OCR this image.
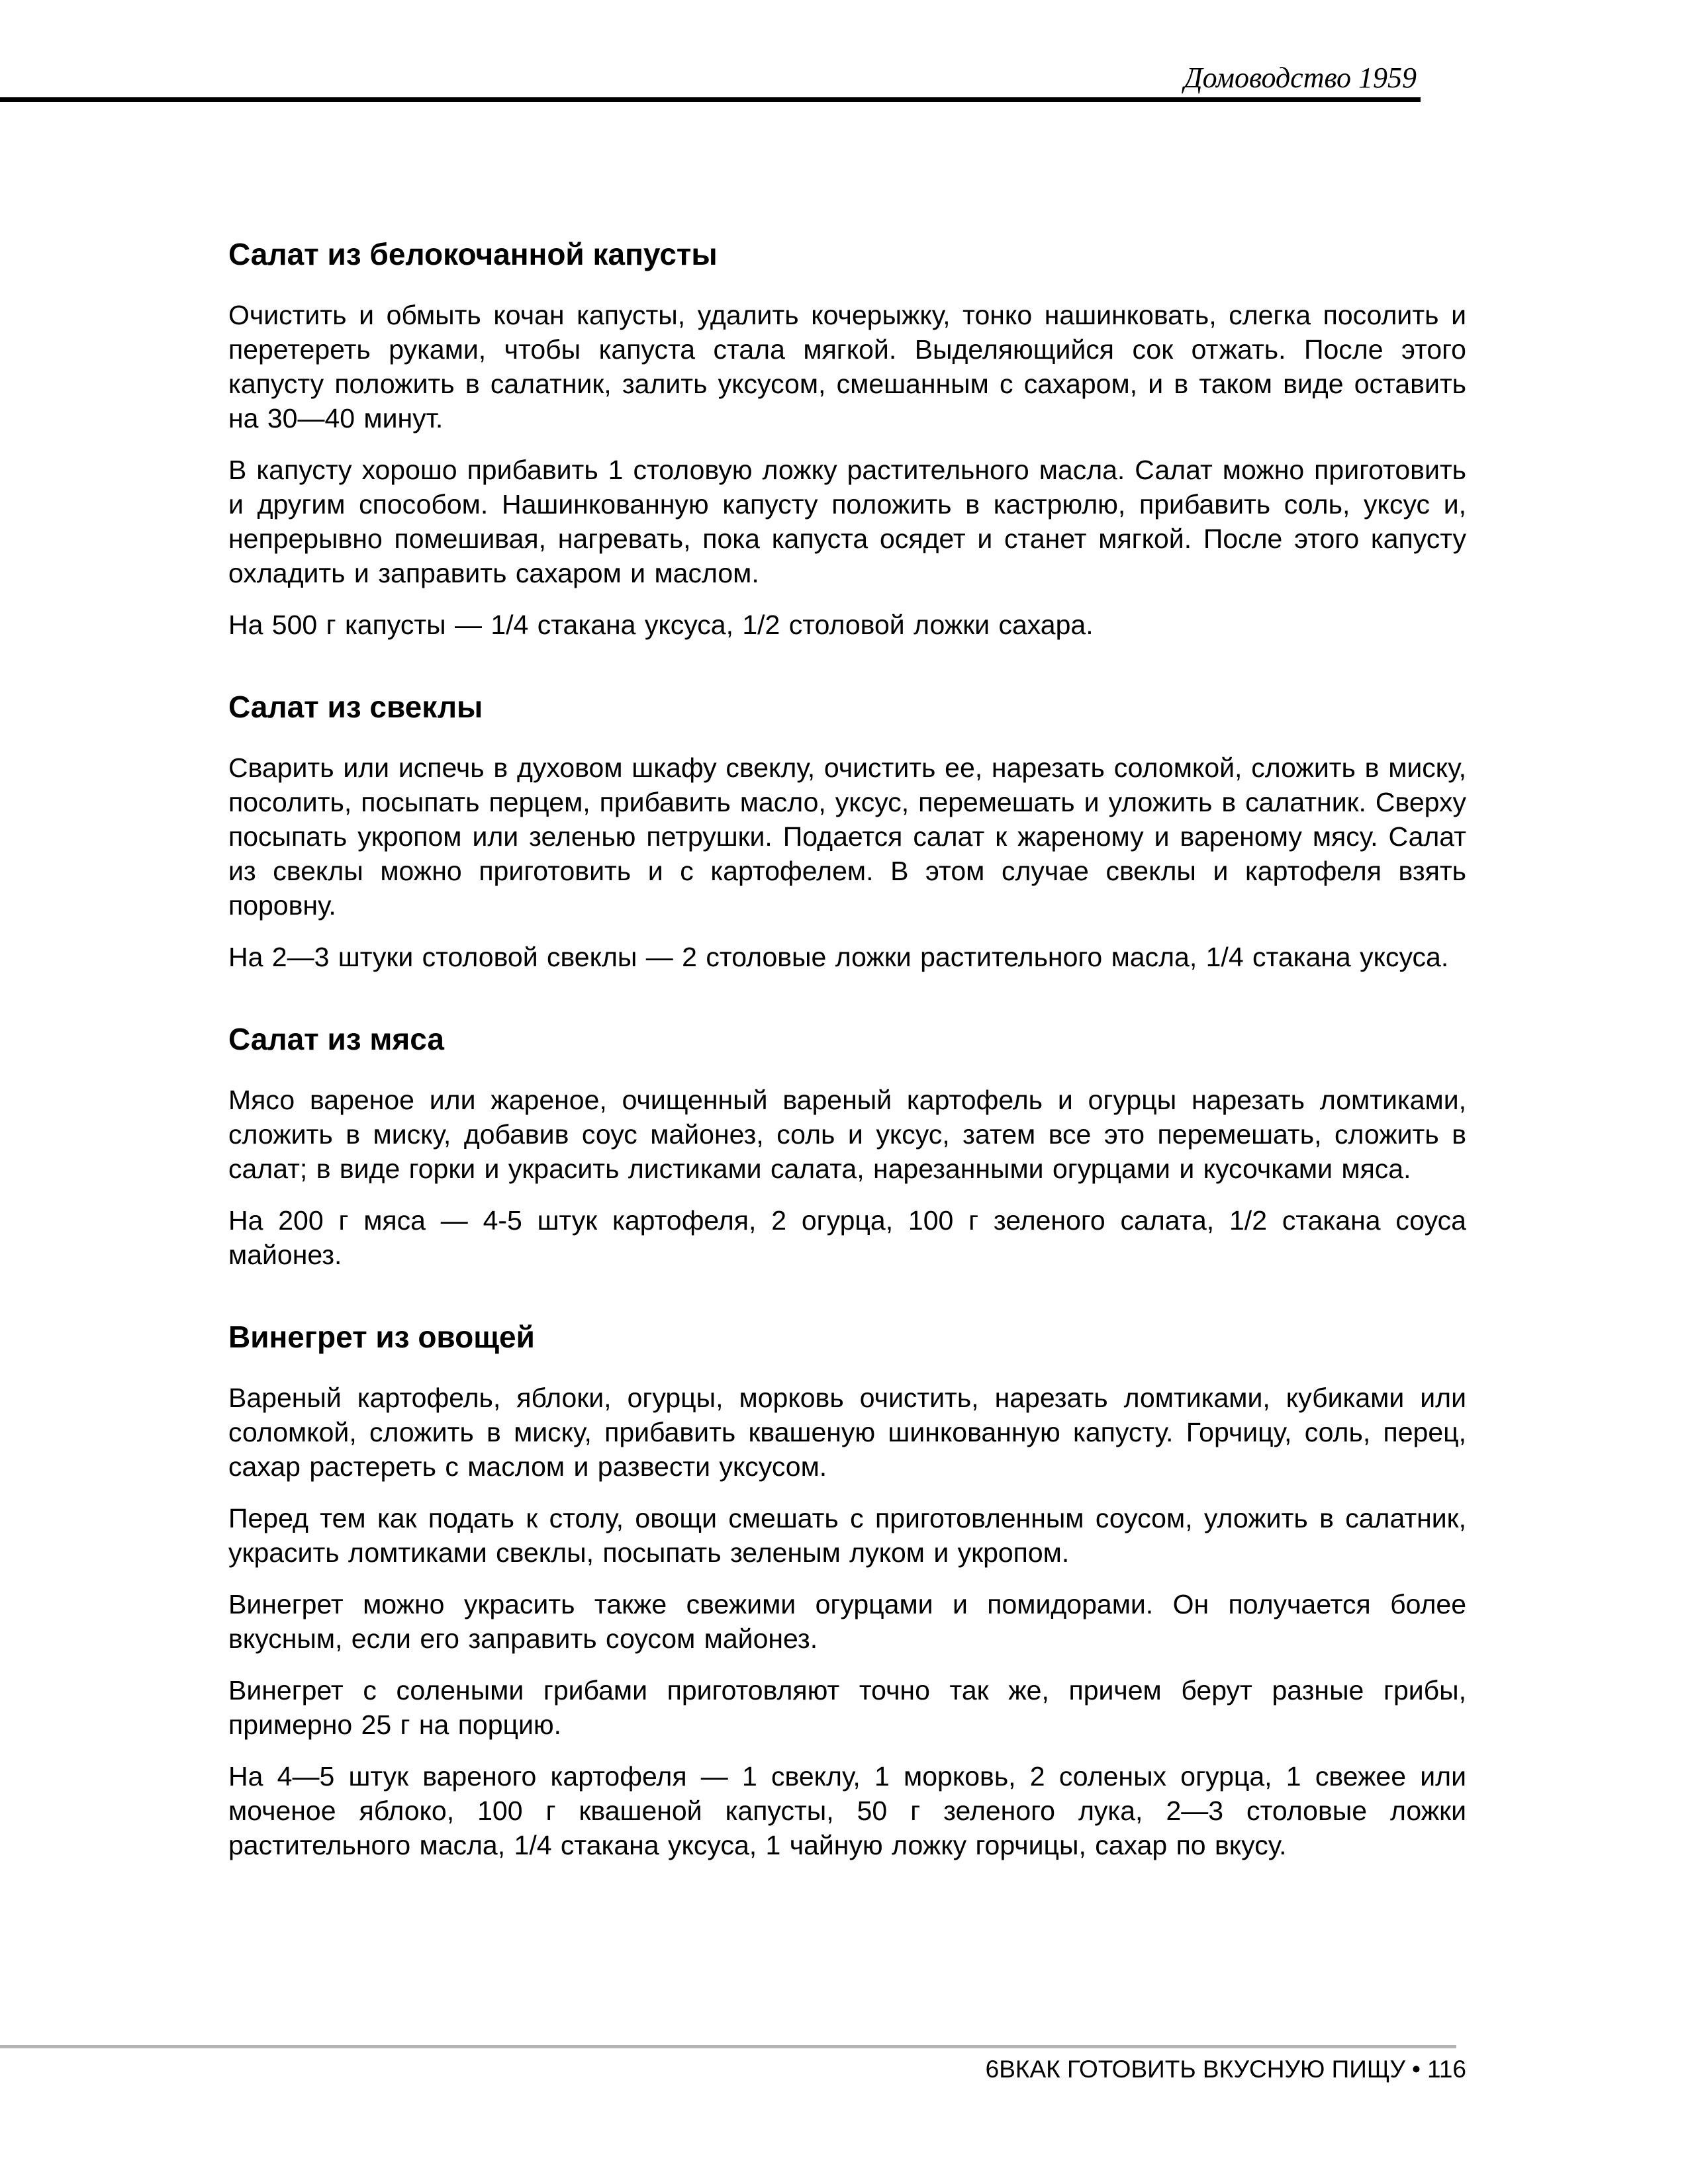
Домоводство 1959
Салат из белокочанной капусты

Очистить и обмыть кочан капусты, удалить кочерыжку, тонко нашинковать, слегка посолить и перетереть руками, чтобы капуста стала мягкой. Выделяющийся сок отжать. После этого капусту положить в салатник, залить уксусом, смешанным с сахаром, и в таком виде оставить на 30—40 минут.

В капусту хорошо прибавить 1 столовую ложку растительного масла. Салат можно приготовить и другим способом. Нашинкованную капусту положить в кастрюлю, прибавить соль, уксус и, непрерывно помешивая, нагревать, пока капуста осядет и станет мягкой. После этого капусту охладить и заправить сахаром и маслом.

На 500 г капусты — 1/4 стакана уксуса, 1/2 столовой ложки сахара.

Салат из свеклы

Сварить или испечь в духовом шкафу свеклу, очистить ее, нарезать соломкой, сложить в миску, посолить, посыпать перцем, прибавить масло, уксус, перемешать и уложить в салатник. Сверху посыпать укропом или зеленью петрушки. Подается салат к жареному и вареному мясу. Салат из свеклы можно приготовить и с картофелем. В этом случае свеклы и картофеля взять поровну.

На 2—3 штуки столовой свеклы — 2 столовые ложки растительного масла, 1/4 стакана уксуса.

Салат из мяса

Мясо вареное или жареное, очищенный вареный картофель и огурцы нарезать ломтиками, сложить в миску, добавив соус майонез, соль и уксус, затем все это перемешать, сложить в салат; в виде горки и украсить листиками салата, нарезанными огурцами и кусочками мяса.

На 200 г мяса — 4-5 штук картофеля, 2 огурца, 100 г зеленого салата, 1/2 стакана соуса майонез.

Винегрет из овощей

Вареный картофель, яблоки, огурцы, морковь очистить, нарезать ломтиками, кубиками или соломкой, сложить в миску, прибавить квашеную шинкованную капусту. Горчицу, соль, перец, сахар растереть с маслом и развести уксусом.

Перед тем как подать к столу, овощи смешать с приготовленным соусом, уложить в салатник, украсить ломтиками свеклы, посыпать зеленым луком и укропом.

Винегрет можно украсить также свежими огурцами и помидорами. Он получается более вкусным, если его заправить соусом майонез.

Винегрет с солеными грибами приготовляют точно так же, причем берут разные грибы, примерно 25 г на порцию.

На 4—5 штук вареного картофеля — 1 свеклу, 1 морковь, 2 соленых огурца, 1 свежее или моченое яблоко, 100 г квашеной капусты, 50 г зеленого лука, 2—3 столовые ложки растительного масла, 1/4 стакана уксуса, 1 чайную ложку горчицы, сахар по вкусу.

6ВКАК ГОТОВИТЬ ВКУСНУЮ ПИЩУ • 116
